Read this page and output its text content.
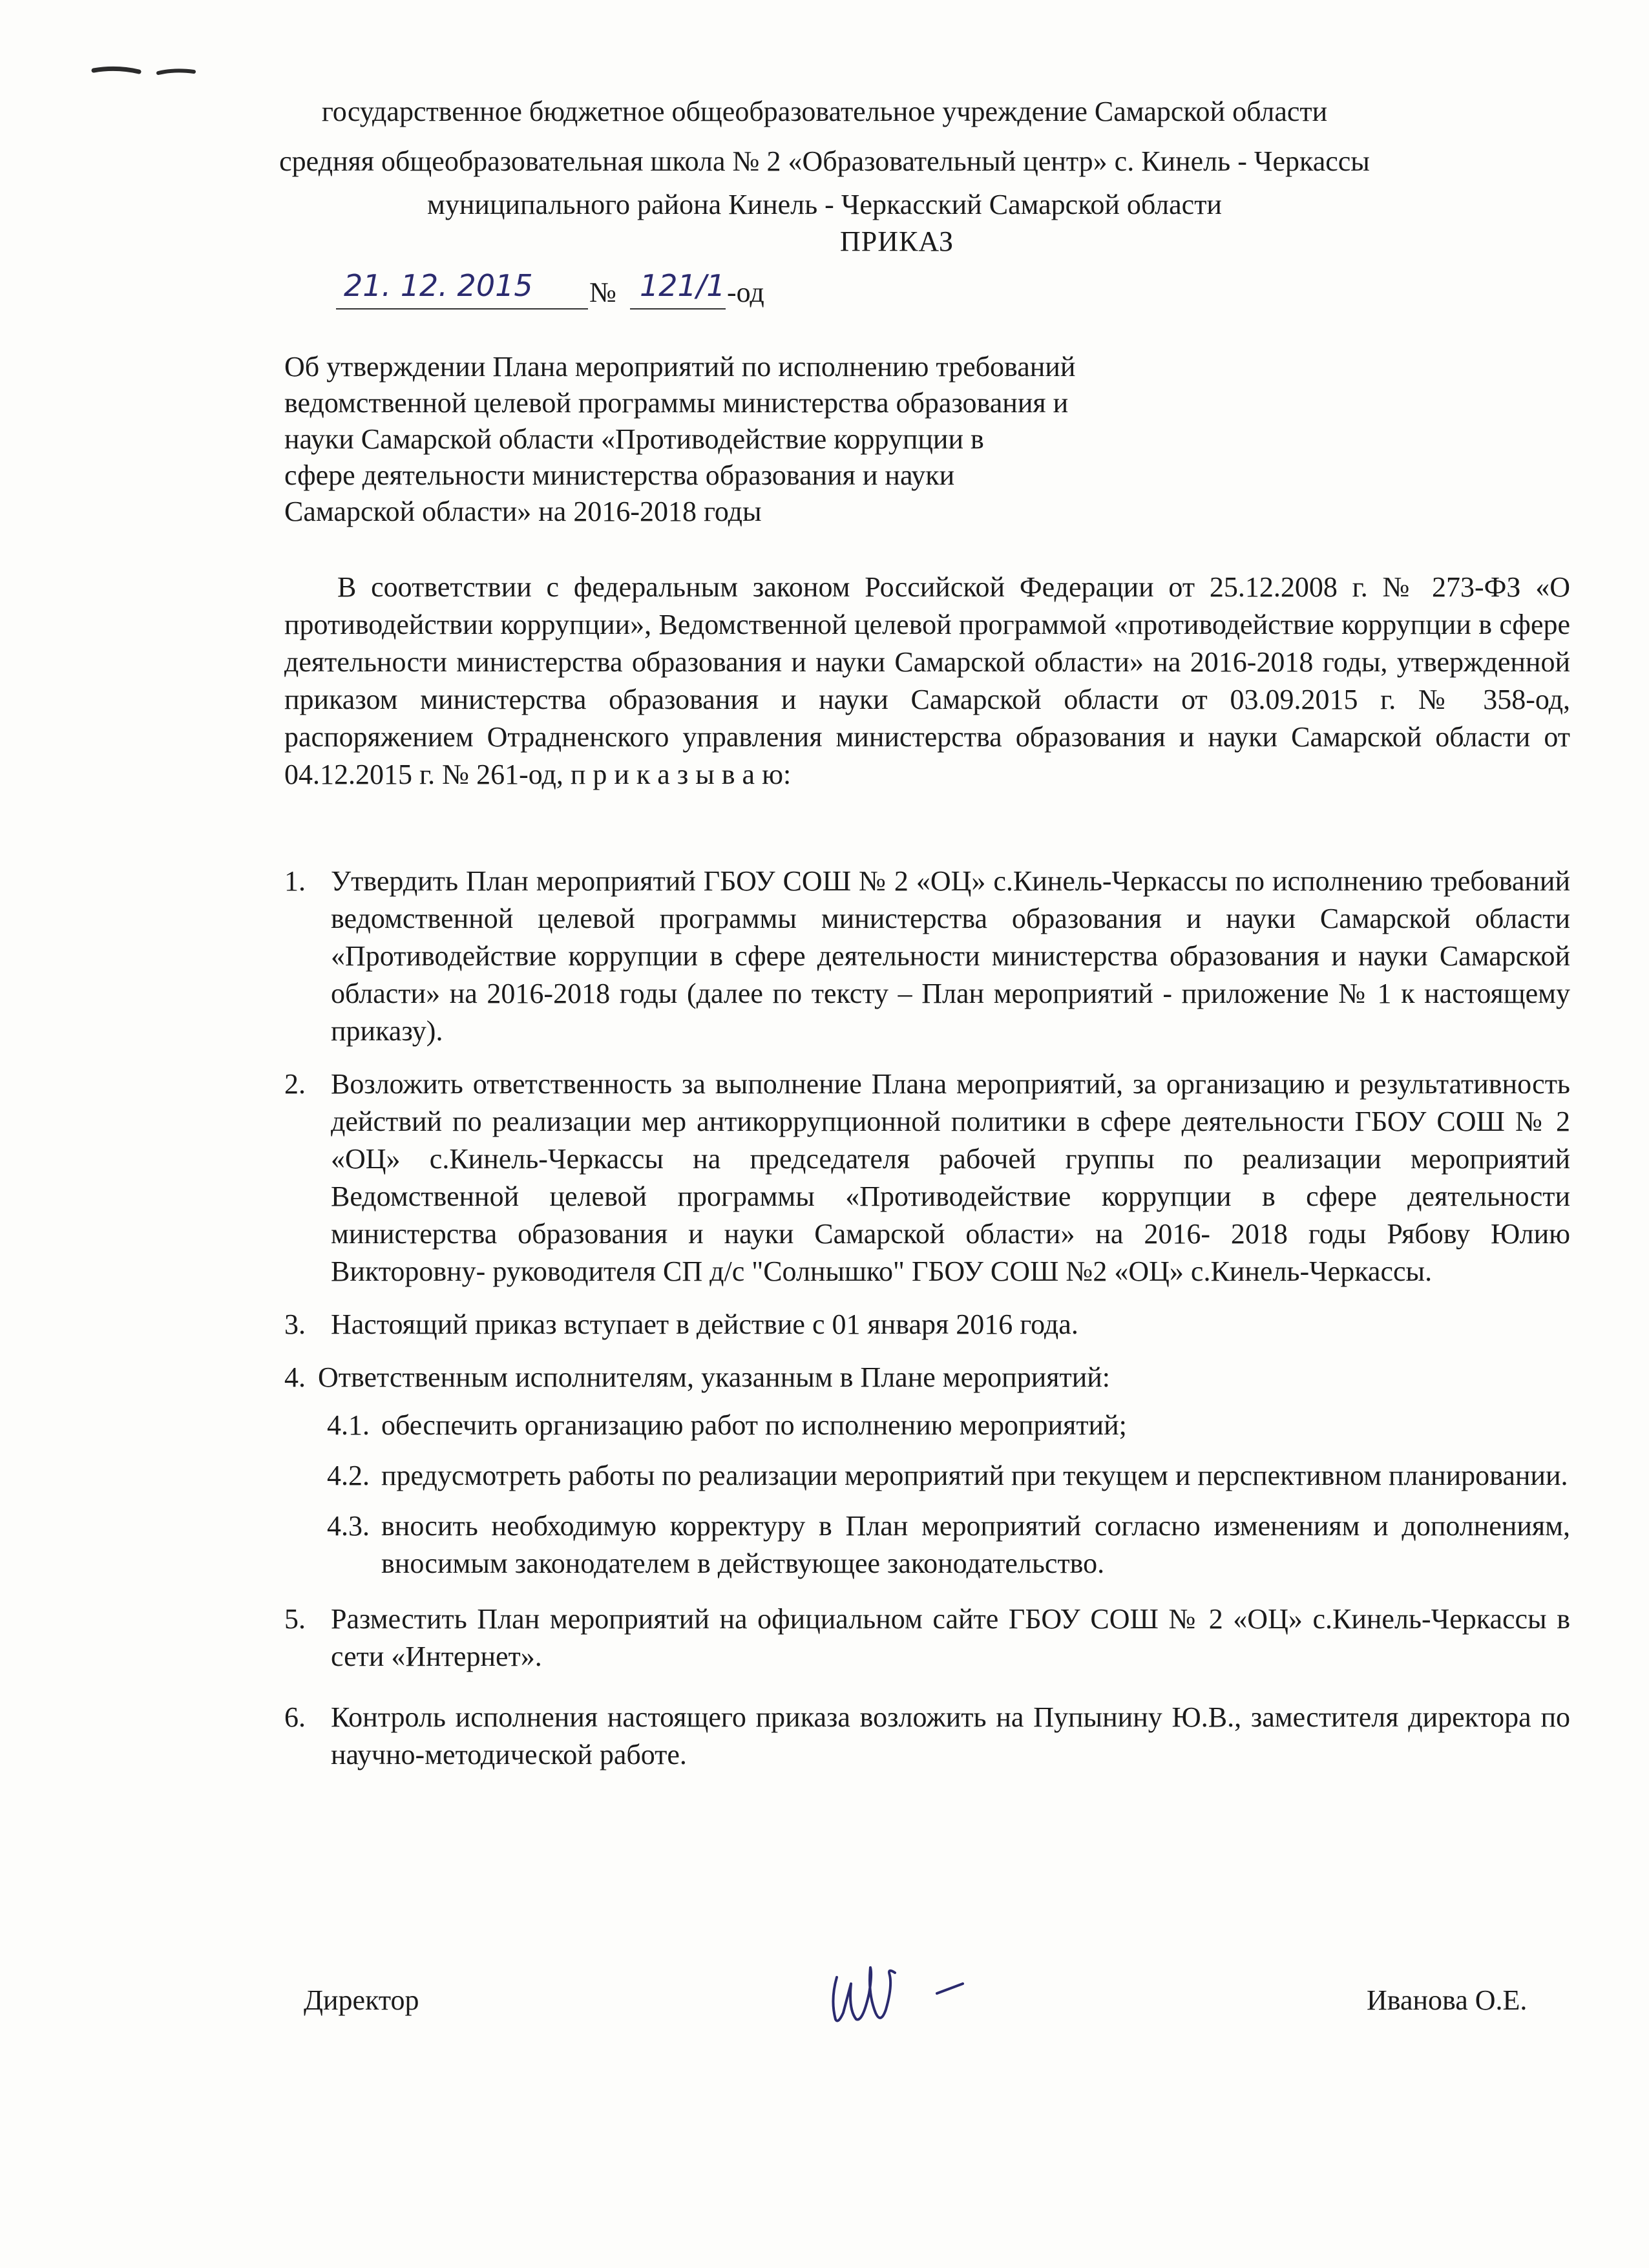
государственное бюджетное общеобразовательное учреждение Самарской области
средняя общеобразовательная школа № 2 «Образовательный центр» с. Кинель - Черкассы
муниципального района Кинель - Черкасский Самарской области
ПРИКАЗ
21. 12. 2015 № 121/1 -од
Об утверждении Плана мероприятий по исполнению требований
ведомственной целевой программы министерства образования и
науки Самарской области «Противодействие коррупции в
сфере деятельности министерства образования и науки
Самарской области» на 2016-2018 годы
В соответствии с федеральным законом Российской Федерации от 25.12.2008 г. № 273-ФЗ «О противодействии коррупции», Ведомственной целевой программой «противодействие коррупции в сфере деятельности министерства образования и науки Самарской области» на 2016-2018 годы, утвержденной приказом министерства образования и науки Самарской области от 03.09.2015 г. № 358-од, распоряжением Отрадненского управления министерства образования и науки Самарской области от 04.12.2015 г. № 261-од, п р и к а з ы в а ю:
1. Утвердить План мероприятий ГБОУ СОШ № 2 «ОЦ» с.Кинель-Черкассы по исполнению требований ведомственной целевой программы министерства образования и науки Самарской области «Противодействие коррупции в сфере деятельности министерства образования и науки Самарской области» на 2016-2018 годы (далее по тексту – План мероприятий - приложение № 1 к настоящему приказу).
2. Возложить ответственность за выполнение Плана мероприятий, за организацию и результативность действий по реализации мер антикоррупционной политики в сфере деятельности ГБОУ СОШ № 2 «ОЦ» с.Кинель-Черкассы на председателя рабочей группы по реализации мероприятий Ведомственной целевой программы «Противодействие коррупции в сфере деятельности министерства образования и науки Самарской области» на 2016- 2018 годы Рябову Юлию Викторовну- руководителя СП д/с "Солнышко" ГБОУ СОШ №2 «ОЦ» с.Кинель-Черкассы.
3. Настоящий приказ вступает в действие с 01 января 2016 года.
4. Ответственным исполнителям, указанным в Плане мероприятий:
4.1. обеспечить организацию работ по исполнению мероприятий;
4.2. предусмотреть работы по реализации мероприятий при текущем и перспективном планировании.
4.3. вносить необходимую корректуру в План мероприятий согласно изменениям и дополнениям, вносимым законодателем в действующее законодательство.
5. Разместить План мероприятий на официальном сайте ГБОУ СОШ № 2 «ОЦ» с.Кинель-Черкассы в сети «Интернет».
6. Контроль исполнения настоящего приказа возложить на Пупынину Ю.В., заместителя директора по научно-методической работе.
Директор	Иванова О.Е.
